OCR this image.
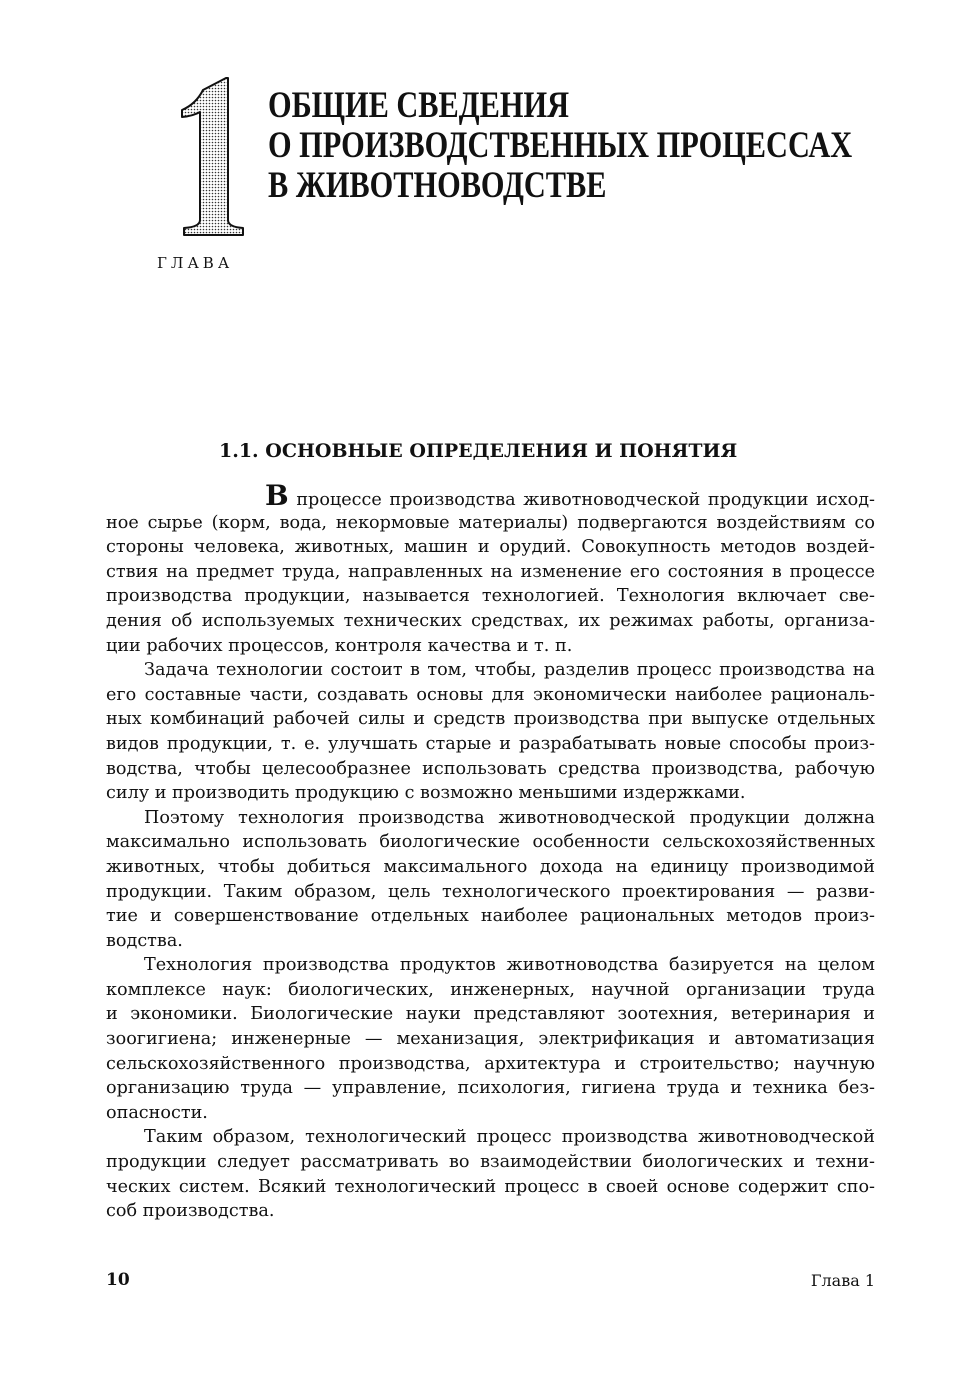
ГЛАВА
ОБЩИЕ СВЕДЕНИЯ
О ПРОИЗВОДСТВЕННЫХ ПРОЦЕССАХ
В ЖИВОТНОВОДСТВЕ
1.1. ОСНОВНЫЕ ОПРЕДЕЛЕНИЯ И ПОНЯТИЯ
В процессе производства животноводческой продукции исход-
ное сырье (корм, вода, некормовые материалы) подвергаются воздействиям со
стороны человека, животных, машин и орудий. Совокупность методов воздей-
ствия на предмет труда, направленных на изменение его состояния в процессе
производства продукции, называется технологией. Технология включает све-
дения об используемых технических средствах, их режимах работы, организа-
ции рабочих процессов, контроля качества и т. п.
Задача технологии состоит в том, чтобы, разделив процесс производства на
его составные части, создавать основы для экономически наиболее рациональ-
ных комбинаций рабочей силы и средств производства при выпуске отдельных
видов продукции, т. е. улучшать старые и разрабатывать новые способы произ-
водства, чтобы целесообразнее использовать средства производства, рабочую
силу и производить продукцию с возможно меньшими издержками.
Поэтому технология производства животноводческой продукции должна
максимально использовать биологические особенности сельскохозяйственных
животных, чтобы добиться максимального дохода на единицу производимой
продукции. Таким образом, цель технологического проектирования — разви-
тие и совершенствование отдельных наиболее рациональных методов произ-
водства.
Технология производства продуктов животноводства базируется на целом
комплексе наук: биологических, инженерных, научной организации труда
и экономики. Биологические науки представляют зоотехния, ветеринария и
зоогигиена; инженерные — механизация, электрификация и автоматизация
сельскохозяйственного производства, архитектура и строительство; научную
организацию труда — управление, психология, гигиена труда и техника без-
опасности.
Таким образом, технологический процесс производства животноводческой
продукции следует рассматривать во взаимодействии биологических и техни-
ческих систем. Всякий технологический процесс в своей основе содержит спо-
соб производства.
10	Глава 1
